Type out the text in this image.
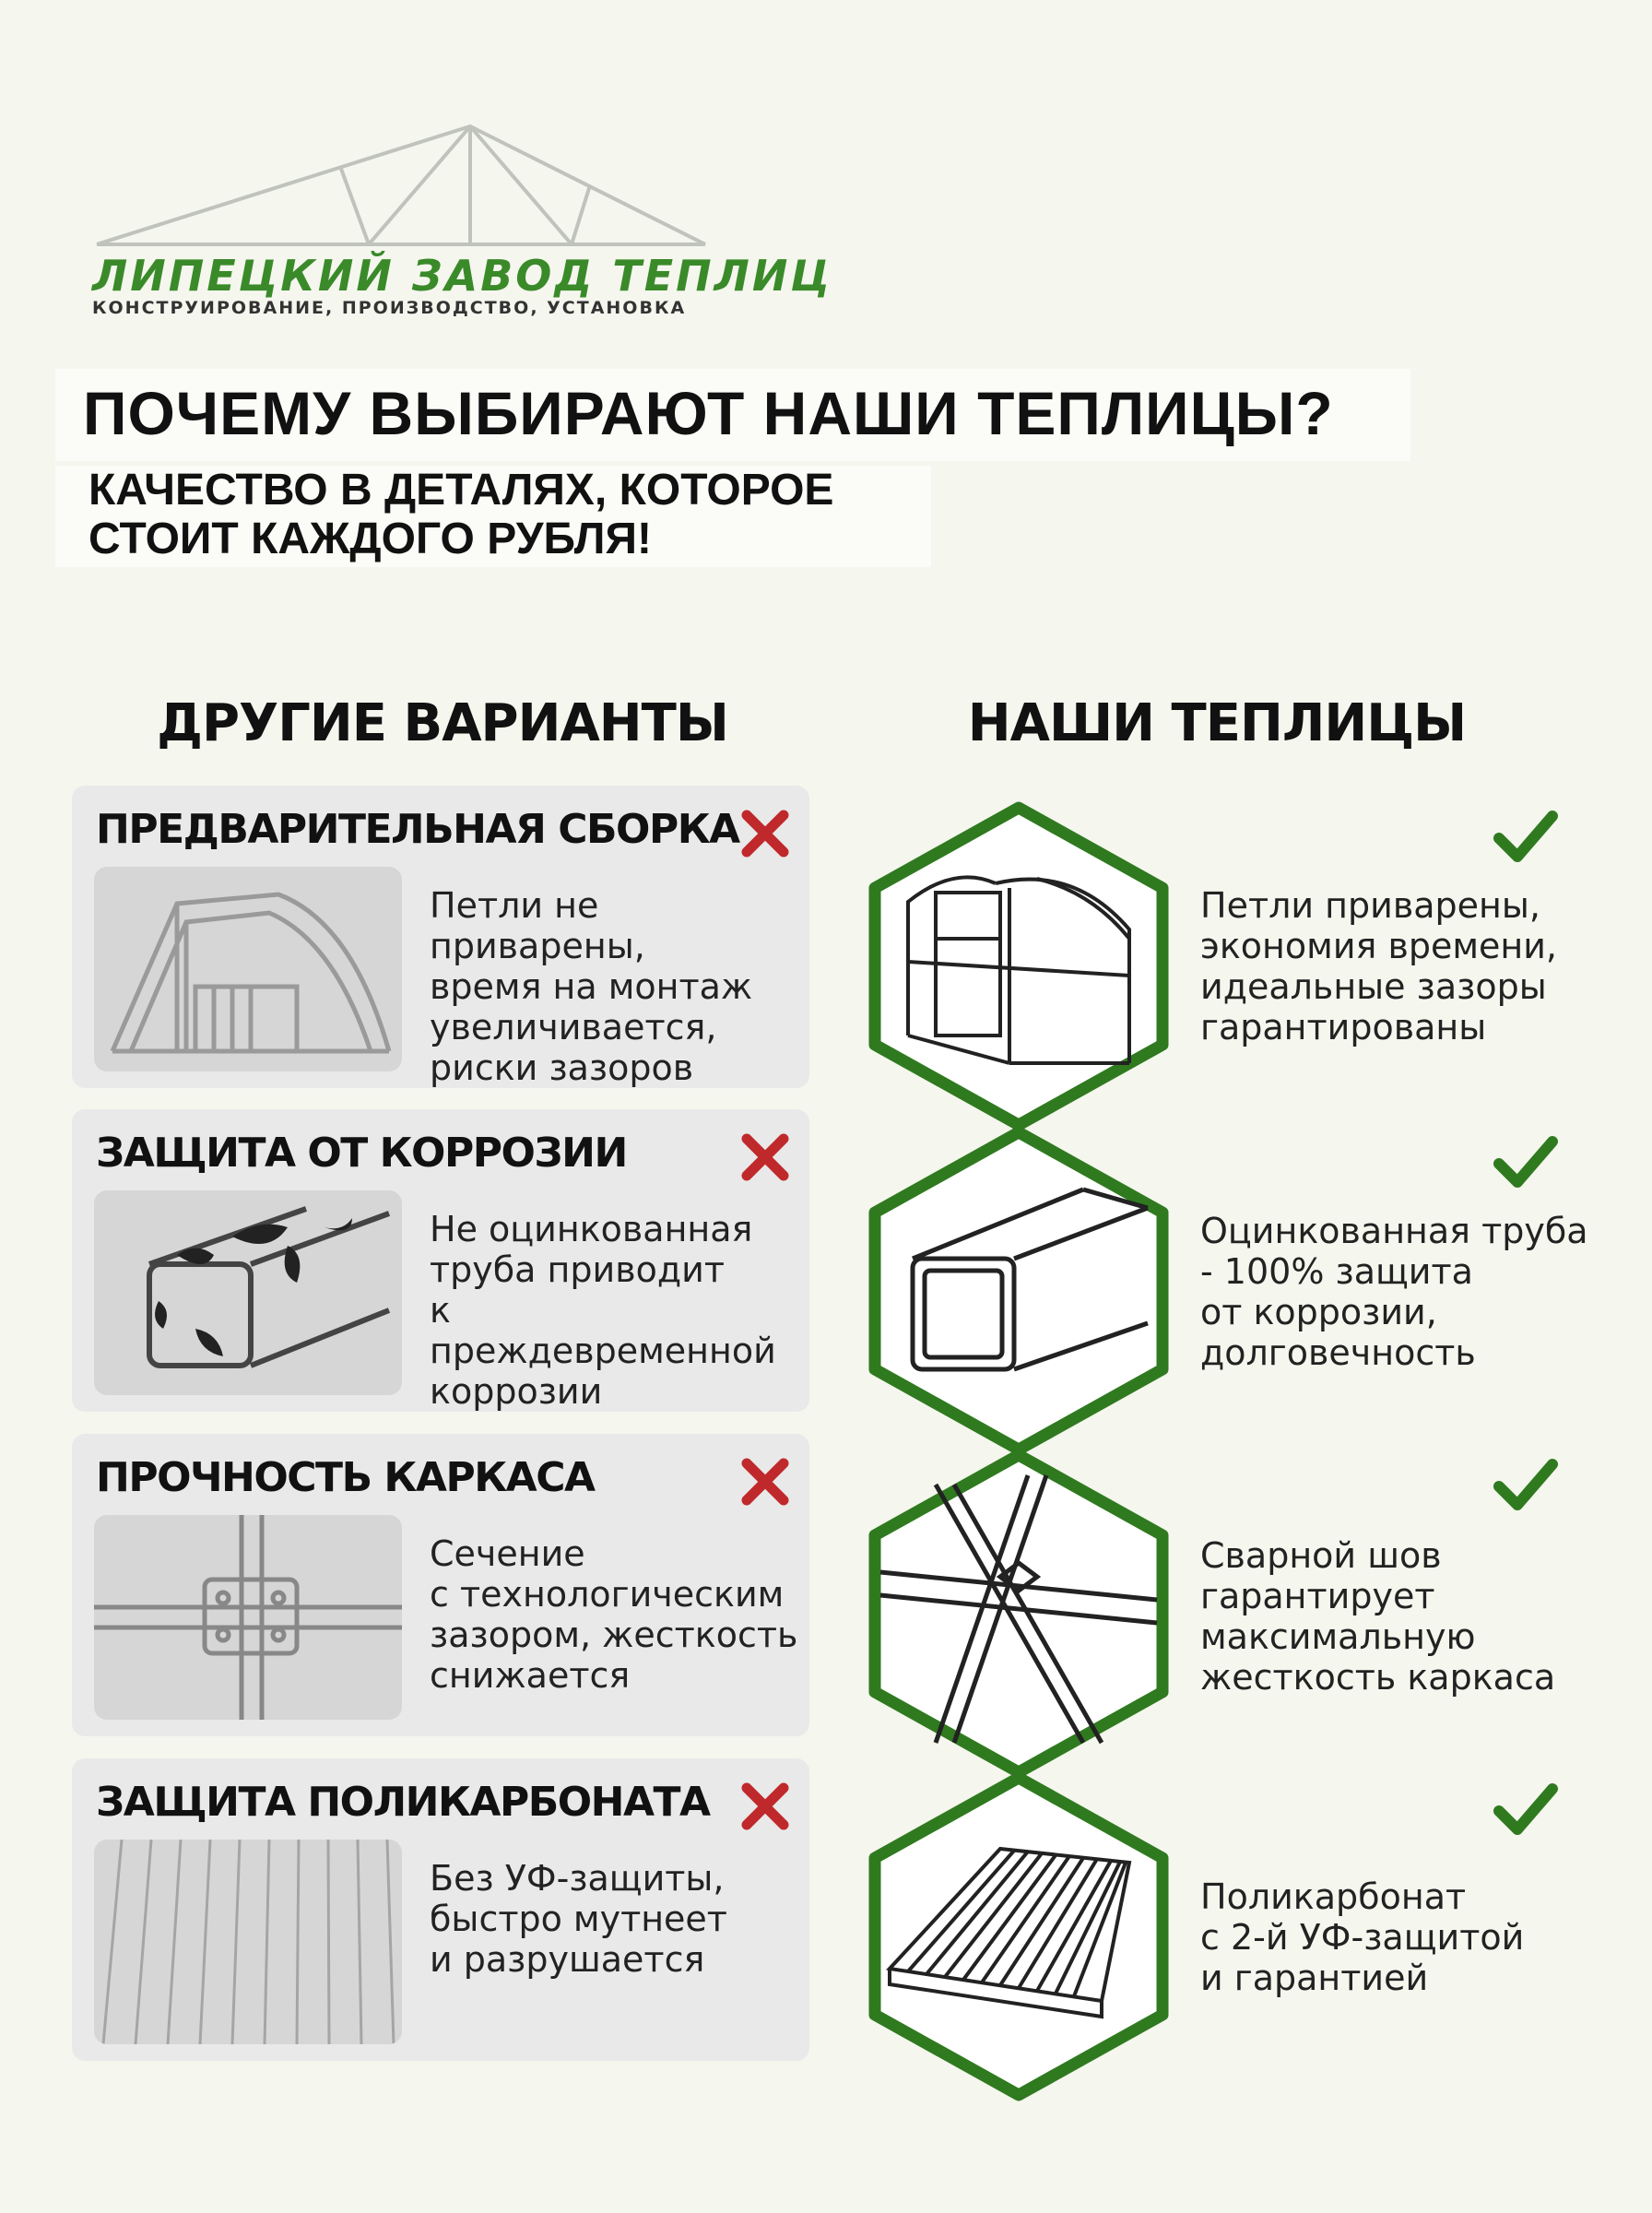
ЛИПЕЦКИЙ ЗАВОД ТЕПЛИЦ
КОНСТРУИРОВАНИЕ, ПРОИЗВОДСТВО, УСТАНОВКА
ПОЧЕМУ ВЫБИРАЮТ НАШИ ТЕПЛИЦЫ?
КАЧЕСТВО В ДЕТАЛЯХ, КОТОРОЕ
СТОИТ КАЖДОГО РУБЛЯ!
ДРУГИЕ ВАРИАНТЫ	НАШИ ТЕПЛИЦЫ
ПРЕДВАРИТЕЛЬНАЯ СБОРКА
Петли не приварены,
время на монтаж
увеличивается,
риски зазоров
Петли приварены,
экономия времени,
идеальные зазоры
гарантированы
ЗАЩИТА ОТ КОРРОЗИИ
Не оцинкованная
труба приводит
к преждевременной
коррозии
Оцинкованная труба
- 100% защита
от коррозии,
долговечность
ПРОЧНОСТЬ КАРКАСА
Сечение
с технологическим
зазором, жесткость
снижается
Сварной шов
гарантирует
максимальную
жесткость каркаса
ЗАЩИТА ПОЛИКАРБОНАТА
Без УФ-защиты,
быстро мутнеет
и разрушается
Поликарбонат
с 2-й УФ-защитой
и гарантией
